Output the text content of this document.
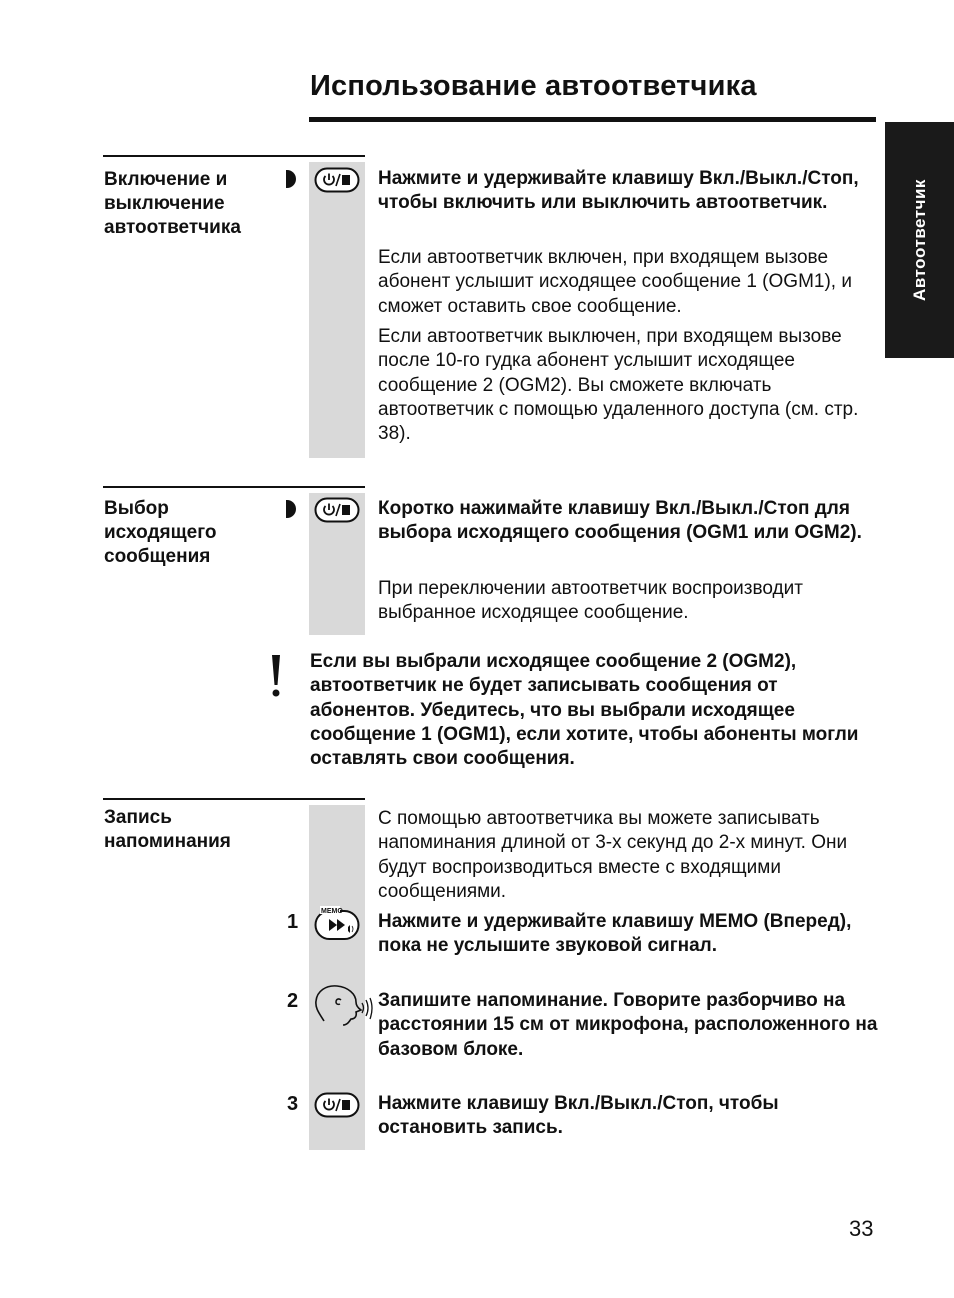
Использование автоответчика
Автоответчик
Включение и выключение автоответчика
Нажмите и удерживайте клавишу Вкл./Выкл./Стоп, чтобы включить или выключить автоответчик.
Если автоответчик включен, при входящем вызове абонент услышит исходящее сообщение 1 (OGM1), и сможет оставить свое сообщение.
Если автоответчик выключен, при входящем вызове после 10-го гудка абонент услышит исходящее сообщение 2 (OGM2). Вы сможете включать автоответчик с помощью удаленного доступа (см. стр. 38).
Выбор исходящего сообщения
Коротко нажимайте клавишу Вкл./Выкл./Стоп для выбора исходящего сообщения (OGM1 или OGM2).
При переключении автоответчик воспроизводит выбранное исходящее сообщение.
Если вы выбрали исходящее сообщение 2 (OGM2), автоответчик не будет записывать сообщения от абонентов. Убедитесь, что вы выбрали исходящее сообщение 1 (OGM1), если хотите, чтобы абоненты могли оставлять свои сообщения.
Запись напоминания
С помощью автоответчика вы можете записывать напоминания длиной от 3-х секунд до 2-х минут. Они будут воспроизводиться вместе с входящими сообщениями.
1	MEMO Нажмите и удерживайте клавишу MEMO (Вперед), пока не услышите звуковой сигнал.
2	Запишите напоминание. Говорите разборчиво на расстоянии 15 см от микрофона, расположенного на базовом блоке.
3	Нажмите клавишу Вкл./Выкл./Стоп, чтобы остановить запись.
33
